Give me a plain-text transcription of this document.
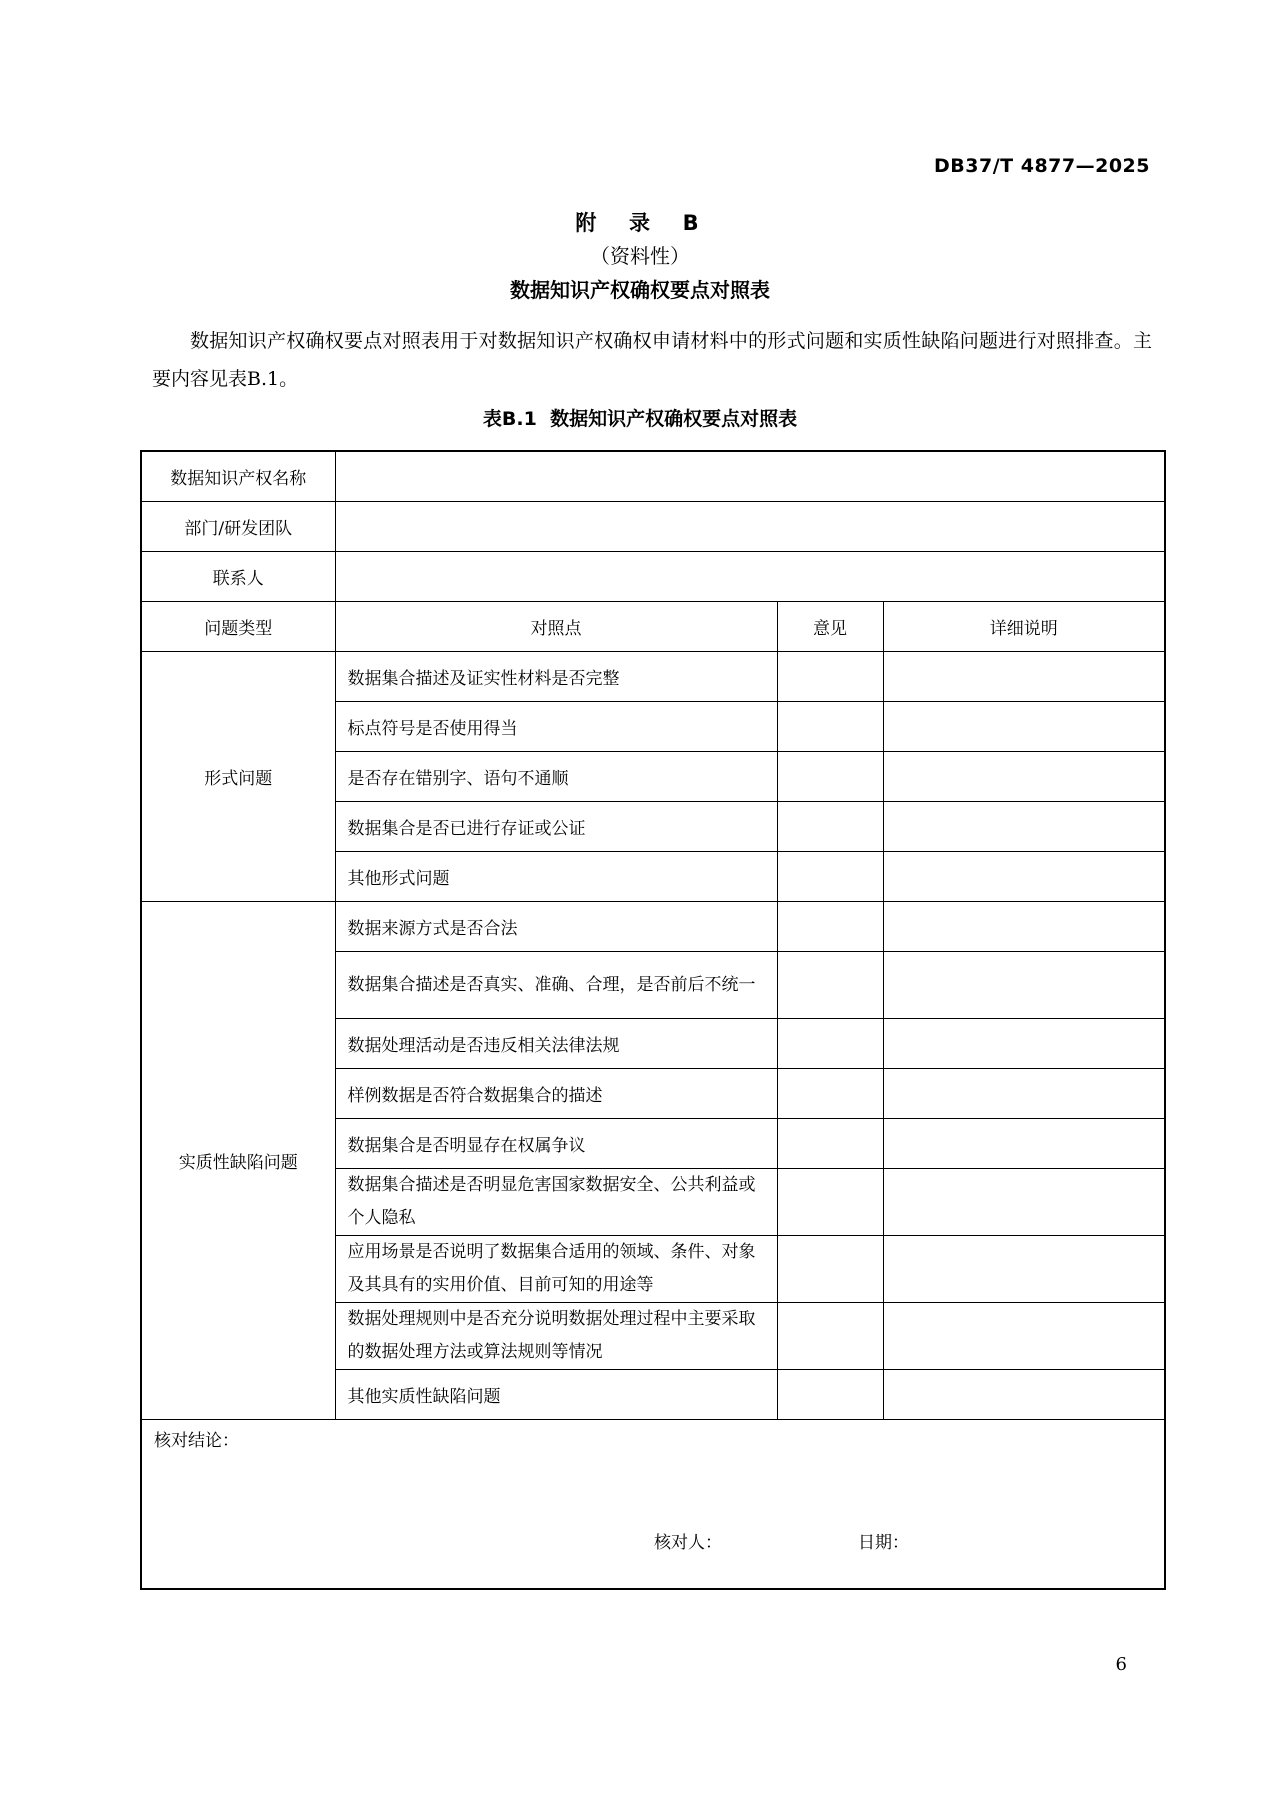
DB37/T 4877—2025
附  录  B
（资料性）
数据知识产权确权要点对照表
数据知识产权确权要点对照表用于对数据知识产权确权申请材料中的形式问题和实质性缺陷问题进行对照排查。主要内容见表B.1。
表B.1  数据知识产权确权要点对照表
数据知识产权名称			
部门/研发团队			
联系人			
问题类型	对照点	意见	详细说明
形式问题	数据集合描述及证实性材料是否完整		
	标点符号是否使用得当		
	是否存在错别字、语句不通顺		
	数据集合是否已进行存证或公证		
	其他形式问题		
实质性缺陷问题	数据来源方式是否合法		

	数据集合描述是否真实、准确、合理，是否前后不统一		

	数据处理活动是否违反相关法律法规		
	样例数据是否符合数据集合的描述		
	数据集合是否明显存在权属争议		

	数据集合描述是否明显危害国家数据安全、公共利益或个人隐私		

	应用场景是否说明了数据集合适用的领域、条件、对象及其具有的实用价值、目前可知的用途等		

	数据处理规则中是否充分说明数据处理过程中主要采取的数据处理方法或算法规则等情况		

	其他实质性缺陷问题		

核对结论：
核对人： 日期：			
6
